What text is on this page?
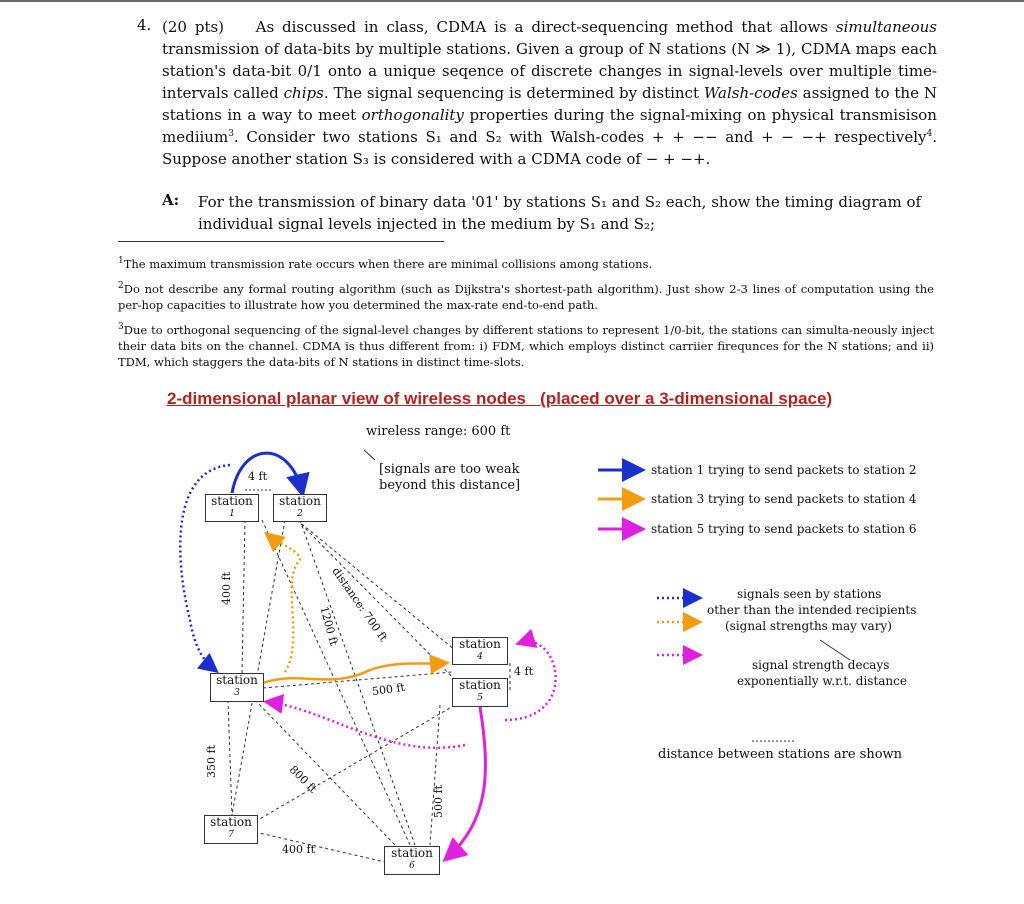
4. (20 pts) As discussed in class, CDMA is a direct-sequencing method that allows simultaneous transmission of data-bits by multiple stations. Given a group of N stations (N ≫ 1), CDMA maps each station's data-bit 0/1 onto a unique seqence of discrete changes in signal-levels over multiple time-intervals called chips. The signal sequencing is determined by distinct Walsh-codes assigned to the N stations in a way to meet orthogonality properties during the signal-mixing on physical transmisison mediium$^3$. Consider two stations S₁ and S₂ with Walsh-codes + + −− and + − −+ respectively$^4$. Suppose another station S₃ is considered with a CDMA code of − + −+.
A: For the transmission of binary data '01' by stations S₁ and S₂ each, show the timing diagram of individual signal levels injected in the medium by S₁ and S₂;
$^1$The maximum transmission rate occurs when there are minimal collisions among stations.
$^2$Do not describe any formal routing algorithm (such as Dijkstra's shortest-path algorithm). Just show 2-3 lines of computation using the per-hop capacities to illustrate how you determined the max-rate end-to-end path.
$^3$Due to orthogonal sequencing of the signal-level changes by different stations to represent 1/0-bit, the stations can simulta-neously inject their data bits on the channel. CDMA is thus different from: i) FDM, which employs distinct carriier firequnces for the N stations; and ii) TDM, which staggers the data-bits of N stations in distinct time-slots.
2-dimensional planar view of wireless nodes   (placed over a 3-dimensional space)
station
1
station
2
station
3
station
4
station
5
station
6
station
7
wireless range: 600 ft
[signals are too weak
beyond this distance]
4 ft
400 ft	distance: 700 ft
1200 ft
500 ft
4 ft
350 ft
800 ft
500 ft
400 ft
station 1 trying to send packets to station 2
station 3 trying to send packets to station 4
station 5 trying to send packets to station 6
signals seen by stations
other than the intended recipients
(signal strengths may vary)
signal strength decays
exponentially w.r.t. distance
distance between stations are shown
